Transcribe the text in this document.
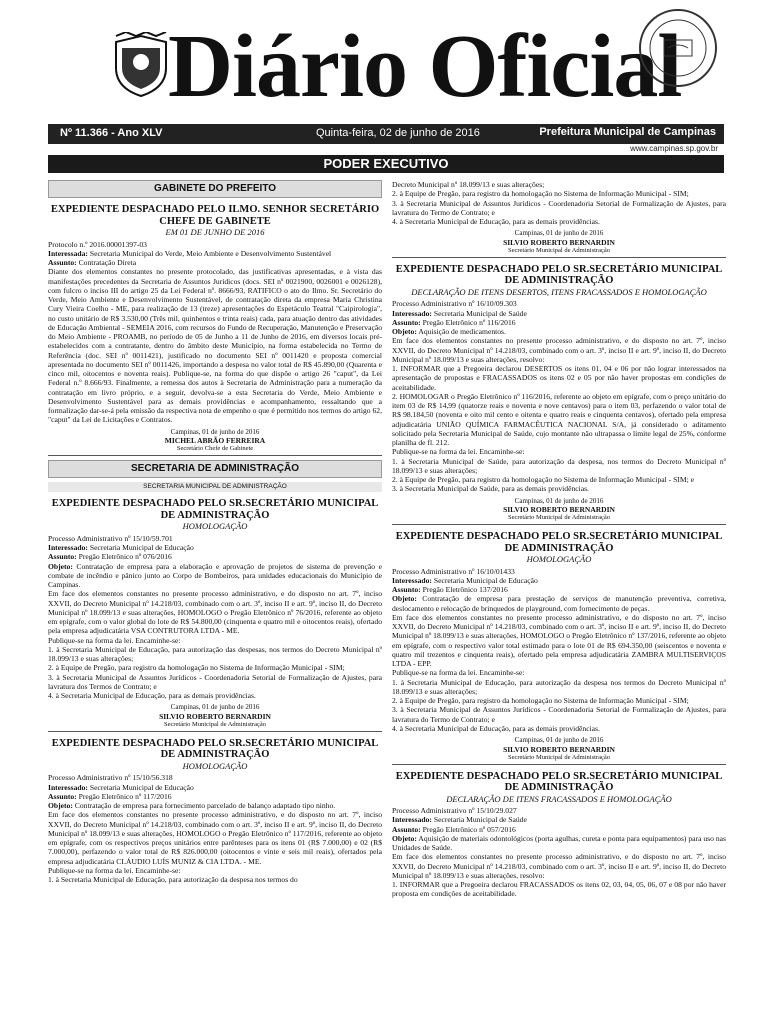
Diário Oficial
Nº 11.366 - Ano XLV	Quinta-feira, 02 de junho de 2016	Prefeitura Municipal de Campinas
www.campinas.sp.gov.br
PODER EXECUTIVO
GABINETE DO PREFEITO
EXPEDIENTE DESPACHADO PELO ILMO. SENHOR SECRETÁRIO CHEFE DE GABINETE
EM 01 DE JUNHO DE 2016

Protocolo n.º 2016.00001397-03

Interessada: Secretaria Municipal do Verde, Meio Ambiente e Desenvolvimento Sustentável

Assunto: Contratação Direta

Diante dos elementos constantes no presente protocolado, das justificativas apresentadas, e à vista das manifestações precedentes da Secretaria de Assuntos Jurídicos (docs. SEI nº 0021900, 0026001 e 0026128), com fulcro o inciso III do artigo 25 da Lei Federal nº. 8666/93, RATIFICO o ato do Ilmo. Sr. Secretário do Verde, Meio Ambiente e Desenvolvimento Sustentável, de contratação direta da empresa Maria Christina Cury Vieira Coelho - ME, para realização de 13 (treze) apresentações do Espetáculo Teatral "Caipirologia", no custo unitário de R$ 3.530,00 (Três mil, quinhentos e trinta reais) cada, para atuação dentro das atividades de Educação Ambiental - SEMEIA 2016, com recursos do Fundo de Recuperação, Manutenção e Preservação do Meio Ambiente - PROAMB, no período de 05 de Junho a 11 de Junho de 2016, em diversos locais pré-estabelecidos com a contratante, dentro do âmbito deste Município, na forma estabelecida no Termo de Referência (doc. SEI nº 0011421), justificado no documento SEI nº 0011420 e proposta comercial apresentada no documento SEI nº 0011426, importando a despesa no valor total de R$ 45.890,00 (Quarenta e cinco mil, oitocentos e noventa reais). Publique-se, na forma do que dispõe o artigo 26 "caput", da Lei Federal n.º 8.666/93. Finalmente, a remessa dos autos à Secretaria de Administração para a numeração da contratação em livro próprio, e a seguir, devolva-se a esta Secretaria do Verde, Meio Ambiente e Desenvolvimento Sustentável para as demais providências e acompanhamento, ressaltando que a formalização dar-se-á pela emissão da respectiva nota de empenho o que é permitido nos termos do artigo 62, "caput" da Lei de Licitações e Contratos.

Campinas, 01 de junho de 2016
MICHEL ABRÃO FERREIRA
Secretário Chefe de Gabinete
SECRETARIA DE ADMINISTRAÇÃO
SECRETARIA MUNICIPAL DE ADMINISTRAÇÃO
EXPEDIENTE DESPACHADO PELO SR.SECRETÁRIO MUNICIPAL DE ADMINISTRAÇÃO
HOMOLOGAÇÃO

Processo Administrativo nº 15/10/59.701

Interessado: Secretaria Municipal de Educação

Assunto: Pregão Eletrônico nº 076/2016

Objeto: Contratação de empresa para a elaboração e aprovação de projetos de sistema de prevenção e combate de incêndio e pânico junto ao Corpo de Bombeiros, para unidades educacionais do Município de Campinas.

Em face dos elementos constantes no presente processo administrativo, e do disposto no art. 7º, inciso XXVII, do Decreto Municipal nº 14.218/03, combinado com o art. 3º, inciso II e art. 9º, inciso II, do Decreto Municipal nº 18.099/13 e suas alterações, HOMOLOGO o Pregão Eletrônico nº 76/2016, referente ao objeto em epígrafe, com o valor global do lote de R$ 54.800,00 (cinquenta e quatro mil e oitocentos reais), ofertado pela empresa adjudicatária VSA CONTRUTORA LTDA - ME.

Publique-se na forma da lei. Encaminhe-se:

1. à Secretaria Municipal de Educação, para autorização das despesas, nos termos do Decreto Municipal nº 18.099/13 e suas alterações;

2. à Equipe de Pregão, para registro da homologação no Sistema de Informação Municipal - SIM;

3. à Secretaria Municipal de Assuntos Jurídicos - Coordenadoria Setorial de Formalização de Ajustes, para lavratura dos Termos de Contrato; e

4. à Secretaria Municipal de Educação, para as demais providências.

Campinas, 01 de junho de 2016
SILVIO ROBERTO BERNARDIN
Secretário Municipal de Administração
EXPEDIENTE DESPACHADO PELO SR.SECRETÁRIO MUNICIPAL DE ADMINISTRAÇÃO
HOMOLOGAÇÃO

Processo Administrativo nº 15/10/56.318

Interessado: Secretaria Municipal de Educação

Assunto: Pregão Eletrônico nº 117/2016

Objeto: Contratação de empresa para fornecimento parcelado de balanço adaptado tipo ninho.

Em face dos elementos constantes no presente processo administrativo, e do disposto no art. 7º, inciso XXVII, do Decreto Municipal nº 14.218/03, combinado com o art. 3º, inciso II e art. 9º, inciso II, do Decreto Municipal nº 18.099/13 e suas alterações, HOMOLOGO o Pregão Eletrônico nº 117/2016, referente ao objeto em epígrafe, com os respectivos preços unitários entre parênteses para os itens 01 (R$ 7.000,00) e 02 (R$ 7.000,00), perfazendo o valor total de R$ 826.000,00 (oitocentos e vinte e seis mil reais), ofertados pela empresa adjudicatária CLÁUDIO LUÍS MUNIZ & CIA LTDA. - ME.

Publique-se na forma da lei. Encaminhe-se:

1. à Secretaria Municipal de Educação, para autorização da despesa nos termos do

Decreto Municipal nº 18.099/13 e suas alterações;

2. à Equipe de Pregão, para registro da homologação no Sistema de Informação Municipal - SIM;

3. à Secretaria Municipal de Assuntos Jurídicos - Coordenadoria Setorial de Formalização de Ajustes, para lavratura do Termo de Contrato; e

4. à Secretaria Municipal de Educação, para as demais providências.

Campinas, 01 de junho de 2016
SILVIO ROBERTO BERNARDIN
Secretário Municipal de Administração
EXPEDIENTE DESPACHADO PELO SR.SECRETÁRIO MUNICIPAL DE ADMINISTRAÇÃO
DECLARAÇÃO DE ITENS DESERTOS, ITENS FRACASSADOS E HOMOLOGAÇÃO

Processo Administrativo nº 16/10/09.303

Interessado: Secretaria Municipal de Saúde

Assunto: Pregão Eletrônico nº 116/2016

Objeto: Aquisição de medicamentos.

Em face dos elementos constantes no presente processo administrativo, e do disposto no art. 7º, inciso XXVII, do Decreto Municipal nº 14.218/03, combinado com o art. 3º, inciso II e art. 9º, inciso II, do Decreto Municipal nº 18.099/13 e suas alterações, resolvo:

1. INFORMAR que a Pregoeira declarou DESERTOS os itens 01, 04 e 06 por não lograr interessados na apresentação de propostas e FRACASSADOS os itens 02 e 05 por não haver propostas em condições de aceitabilidade.

2. HOMOLOGAR o Pregão Eletrônico nº 116/2016, referente ao objeto em epígrafe, com o preço unitário do item 03 de R$ 14,99 (quatorze reais e noventa e nove centavos) para o item 03, perfazendo o valor total de R$ 98.184,50 (noventa e oito mil cento e oitenta e quatro reais e cinquenta centavos), ofertado pela empresa adjudicatária UNIÃO QUÍMICA FARMACÊUTICA NACIONAL S/A, já considerado o aditamento solicitado pela Secretaria Municipal de Saúde, cujo montante não ultrapassa o limite legal de 25%, conforme planilha de fl. 212.

Publique-se na forma da lei. Encaminhe-se:

1. à Secretaria Municipal de Saúde, para autorização da despesa, nos termos do Decreto Municipal nº 18.099/13 e suas alterações;

2. à Equipe de Pregão, para registro da homologação no Sistema de Informação Municipal - SIM; e

3. à Secretaria Municipal de Saúde, para as demais providências.

Campinas, 01 de junho de 2016
SILVIO ROBERTO BERNARDIN
Secretário Municipal de Administração
EXPEDIENTE DESPACHADO PELO SR.SECRETÁRIO MUNICIPAL DE ADMINISTRAÇÃO
HOMOLOGAÇÃO

Processo Administrativo nº 16/10/01433

Interessado: Secretaria Municipal de Educação

Assunto: Pregão Eletrônico 137/2016

Objeto: Contratação de empresa para prestação de serviços de manutenção preventiva, corretiva, deslocamento e relocação de brinquedos de playground, com fornecimento de peças.

Em face dos elementos constantes no presente processo administrativo, e do disposto no art. 7º, inciso XXVII, do Decreto Municipal nº 14.218/03, combinado com o art. 3º, inciso II e art. 9º, inciso II, do Decreto Municipal nº 18.099/13 e suas alterações, HOMOLOGO o Pregão Eletrônico nº 137/2016, referente ao objeto em epígrafe, com o respectivo valor total estimado para o lote 01 de R$ 694.350,00 (seiscentos e noventa e quatro mil trezentos e cinquenta reais), ofertado pela empresa adjudicatária ZAMBRA MULTISERVIÇOS LTDA - EPP.

Publique-se na forma da lei. Encaminhe-se:

1. à Secretaria Municipal de Educação, para autorização da despesa nos termos do Decreto Municipal nº 18.099/13 e suas alterações;

2. à Equipe de Pregão, para registro da homologação no Sistema de Informação Municipal - SIM;

3. à Secretaria Municipal de Assuntos Jurídicos - Coordenadoria Setorial de Formalização de Ajustes, para lavratura do Termo de Contrato; e

4. à Secretaria Municipal de Educação, para as demais providências.

Campinas, 01 de junho de 2016
SILVIO ROBERTO BERNARDIN
Secretário Municipal de Administração
EXPEDIENTE DESPACHADO PELO SR.SECRETÁRIO MUNICIPAL DE ADMINISTRAÇÃO
DECLARAÇÃO DE ITENS FRACASSADOS E HOMOLOGAÇÃO

Processo Administrativo nº 15/10/29.027

Interessado: Secretaria Municipal de Saúde

Assunto: Pregão Eletrônico nº 057/2016

Objeto: Aquisição de materiais odontológicos (porta agulhas, cureta e ponta para equipamentos) para uso nas Unidades de Saúde.

Em face dos elementos constantes no presente processo administrativo, e do disposto no art. 7º, inciso XXVII, do Decreto Municipal nº 14.218/03, combinado com o art. 3º, inciso II e art. 9º, inciso II, do Decreto Municipal nº 18.099/13 e suas alterações, resolvo:

1. INFORMAR que a Pregoeira declarou FRACASSADOS os itens 02, 03, 04, 05, 06, 07 e 08 por não haver proposta em condições de aceitabilidade.
